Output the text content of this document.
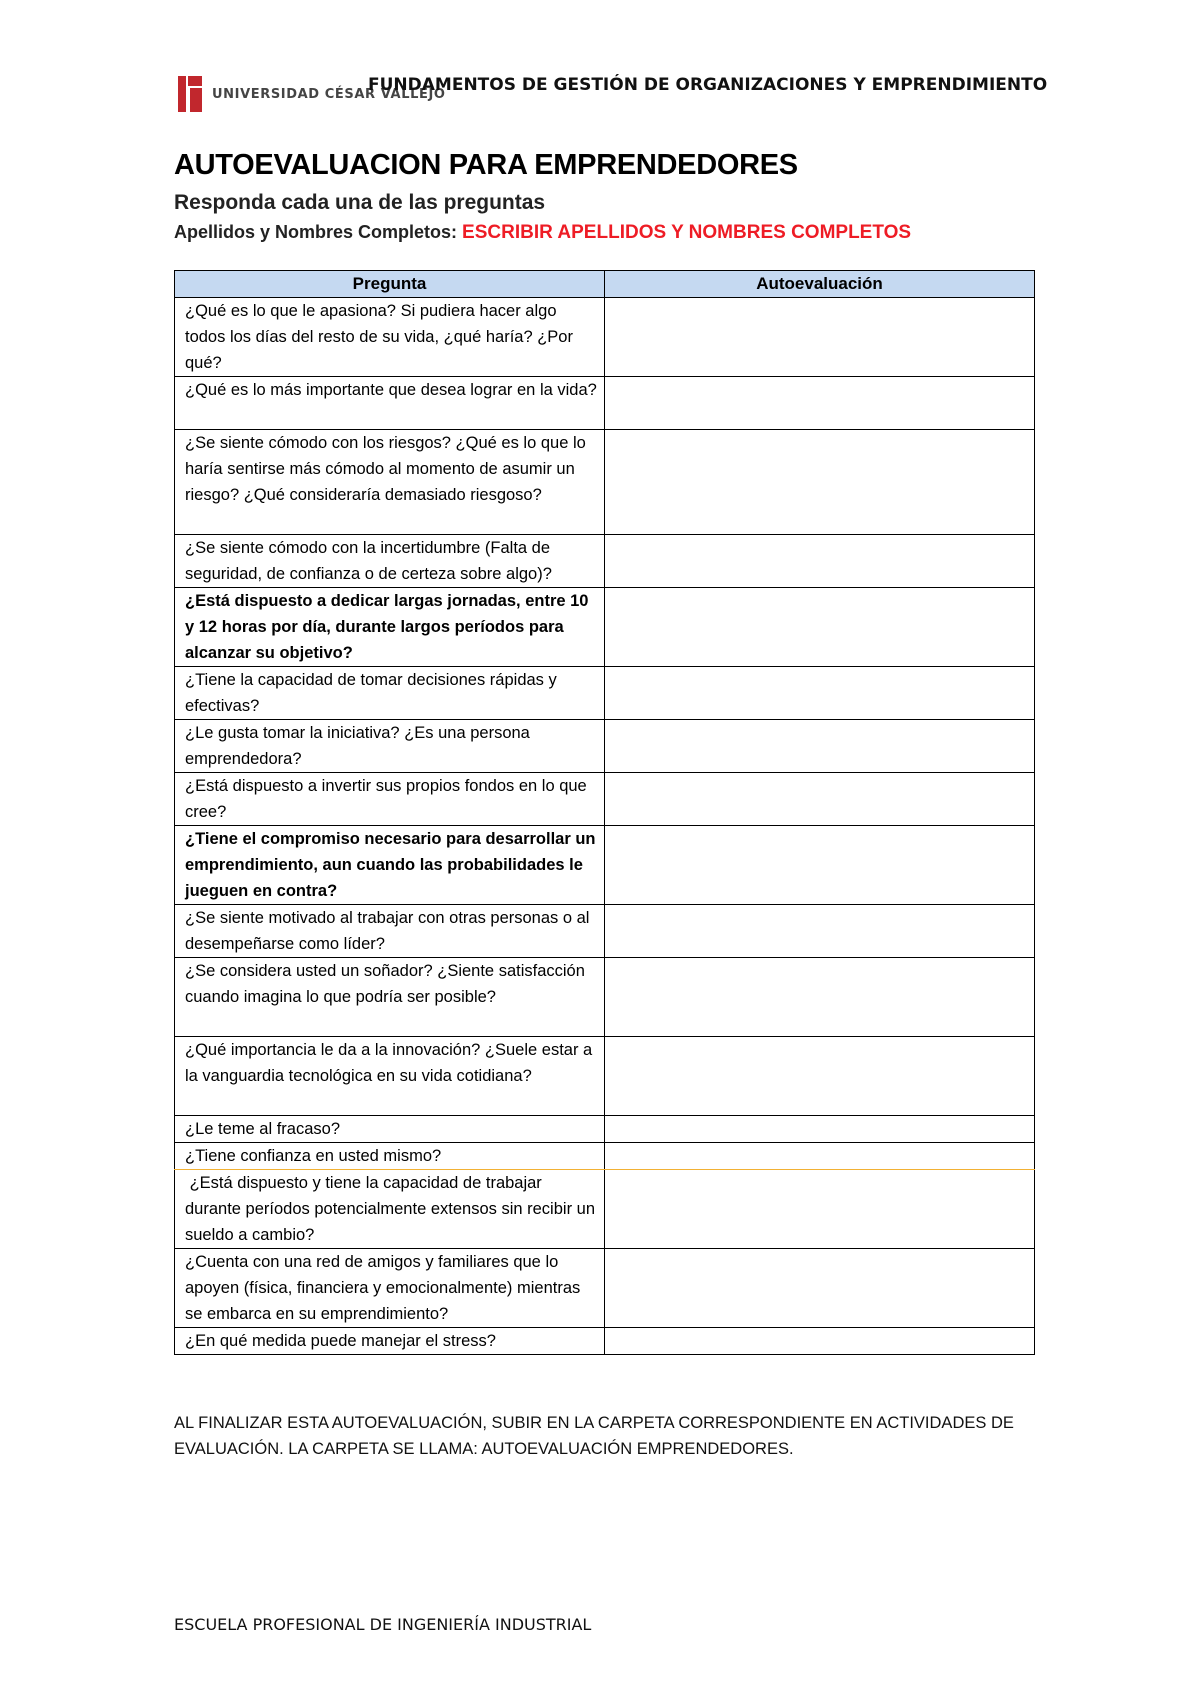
UNIVERSIDAD CÉSAR VALLEJO
FUNDAMENTOS DE GESTIÓN DE ORGANIZACIONES Y EMPRENDIMIENTO
AUTOEVALUACION PARA EMPRENDEDORES
Responda cada una de las preguntas
Apellidos y Nombres Completos: ESCRIBIR APELLIDOS Y NOMBRES COMPLETOS
Pregunta	Autoevaluación
¿Qué es lo que le apasiona? Si pudiera hacer algo todos los días del resto de su vida, ¿qué haría? ¿Por qué?	
¿Qué es lo más importante que desea lograr en la vida?	
¿Se siente cómodo con los riesgos? ¿Qué es lo que lo haría sentirse más cómodo al momento de asumir un riesgo? ¿Qué consideraría demasiado riesgoso?	
¿Se siente cómodo con la incertidumbre (Falta de seguridad, de confianza o de certeza sobre algo)?	
¿Está dispuesto a dedicar largas jornadas, entre 10 y 12 horas por día, durante largos períodos para alcanzar su objetivo?	
¿Tiene la capacidad de tomar decisiones rápidas y efectivas?	
¿Le gusta tomar la iniciativa? ¿Es una persona emprendedora?	
¿Está dispuesto a invertir sus propios fondos en lo que cree?	
¿Tiene el compromiso necesario para desarrollar un emprendimiento, aun cuando las probabilidades le jueguen en contra?	
¿Se siente motivado al trabajar con otras personas o al desempeñarse como líder?	
¿Se considera usted un soñador? ¿Siente satisfacción cuando imagina lo que podría ser posible?	
¿Qué importancia le da a la innovación? ¿Suele estar a la vanguardia tecnológica en su vida cotidiana?	
¿Le teme al fracaso?	
¿Tiene confianza en usted mismo?	
¿Está dispuesto y tiene la capacidad de trabajar durante períodos potencialmente extensos sin recibir un sueldo a cambio?	
¿Cuenta con una red de amigos y familiares que lo apoyen (física, financiera y emocionalmente) mientras se embarca en su emprendimiento?	
¿En qué medida puede manejar el stress?	
AL FINALIZAR ESTA AUTOEVALUACIÓN, SUBIR EN LA CARPETA CORRESPONDIENTE EN ACTIVIDADES DE EVALUACIÓN. LA CARPETA SE LLAMA: AUTOEVALUACIÓN EMPRENDEDORES.
ESCUELA PROFESIONAL DE INGENIERÍA INDUSTRIAL
